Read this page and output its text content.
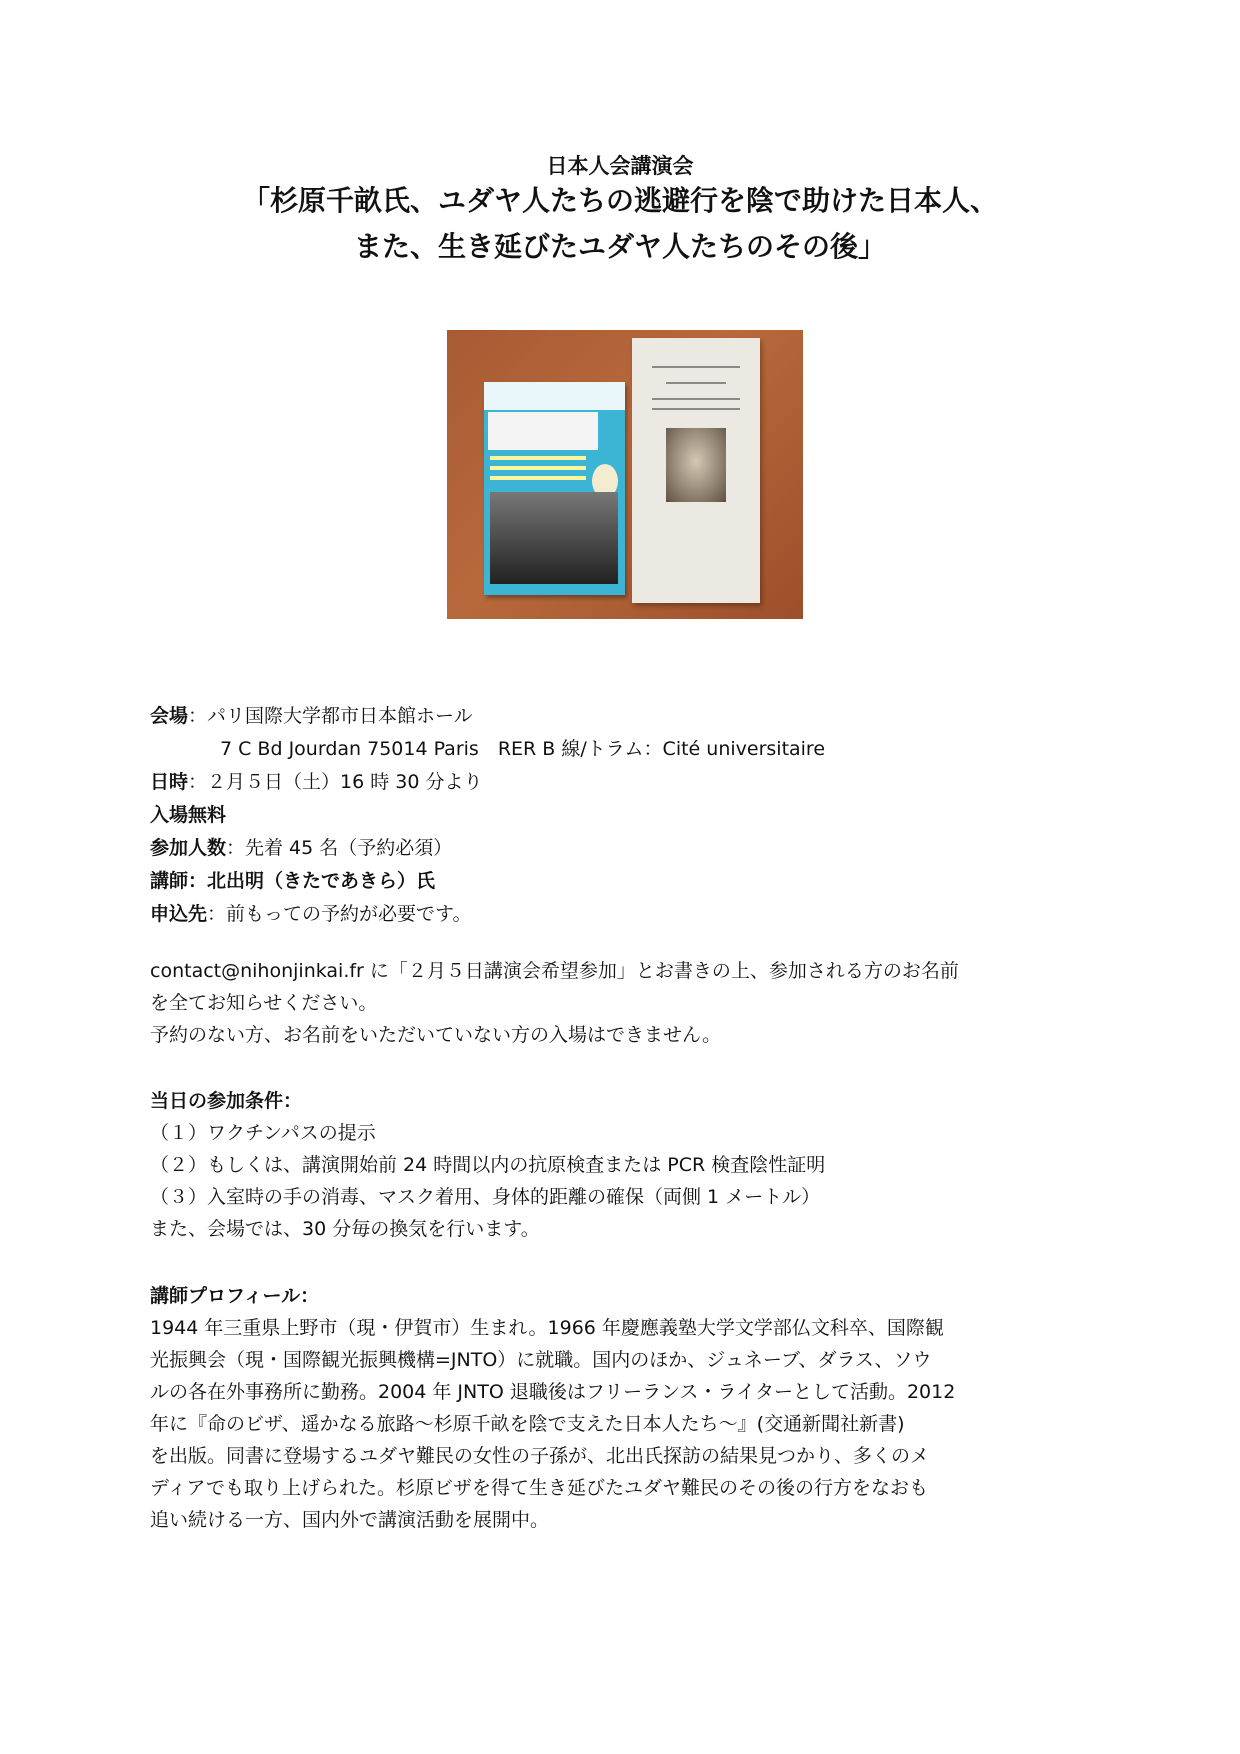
日本人会講演会
「杉原千畝氏、ユダヤ人たちの逃避行を陰で助けた日本人、
また、生き延びたユダヤ人たちのその後」
会場：パリ国際大学都市日本館ホール
7 C Bd Jourdan 75014 Paris　RER B 線/トラム：Cité universitaire
日時：２月５日（土）16 時 30 分より
入場無料
参加人数：先着 45 名（予約必須）
講師：北出明（きたであきら）氏
申込先：前もっての予約が必要です。
contact@nihonjinkai.fr に「２月５日講演会希望参加」とお書きの上、参加される方のお名前
を全てお知らせください。
予約のない方、お名前をいただいていない方の入場はできません。
当日の参加条件：
（１）ワクチンパスの提示
（２）もしくは、講演開始前 24 時間以内の抗原検査または PCR 検査陰性証明
（３）入室時の手の消毒、マスク着用、身体的距離の確保（両側 1 メートル）
また、会場では、30 分毎の換気を行います。
講師プロフィール：
1944 年三重県上野市（現・伊賀市）生まれ。1966 年慶應義塾大学文学部仏文科卒、国際観
光振興会（現・国際観光振興機構=JNTO）に就職。国内のほか、ジュネーブ、ダラス、ソウ
ルの各在外事務所に勤務。2004 年 JNTO 退職後はフリーランス・ライターとして活動。2012
年に『命のビザ、遥かなる旅路～杉原千畝を陰で支えた日本人たち～』(交通新聞社新書)
を出版。同書に登場するユダヤ難民の女性の子孫が、北出氏探訪の結果見つかり、多くのメ
ディアでも取り上げられた。杉原ビザを得て生き延びたユダヤ難民のその後の行方をなおも
追い続ける一方、国内外で講演活動を展開中。
